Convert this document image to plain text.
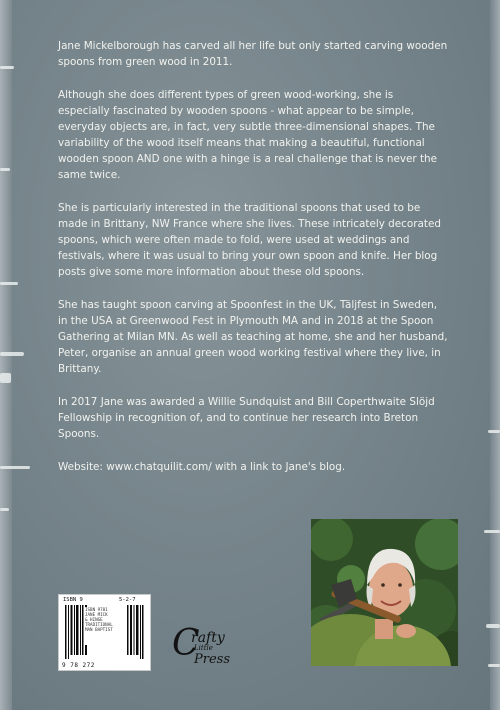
Jane Mickelborough has carved all her life but only started carving wooden spoons from green wood in 2011.

Although she does different types of green wood-working, she is especially fascinated by wooden spoons - what appear to be simple, everyday objects are, in fact, very subtle three-dimensional shapes. The variability of the wood itself means that making a beautiful, functional wooden spoon AND one with a hinge is a real challenge that is never the same twice.

She is particularly interested in the traditional spoons that used to be made in Brittany, NW France where she lives. These intricately decorated spoons, which were often made to fold, were used at weddings and festivals, where it was usual to bring your own spoon and knife. Her blog posts give some more information about these old spoons.

She has taught spoon carving at Spoonfest in the UK, Täljfest in Sweden, in the USA at Greenwood Fest in Plymouth MA and in 2018 at the Spoon Gathering at Milan MN. As well as teaching at home, she and her husband, Peter, organise an annual green wood working festival where they live, in Brittany.

In 2017 Jane was awarded a Willie Sundquist and Bill Coperthwaite Slöjd Fellowship in recognition of, and to continue her research into Breton Spoons.

Website: www.chatquilit.com/ with a link to Jane's blog.

ISBN 9	5-2-7
ISBN 9781
JANE MICK
& HINGE
TRADITIONAL
MAN BAPTIST
9 78 272
C
rafty
Little
Press
